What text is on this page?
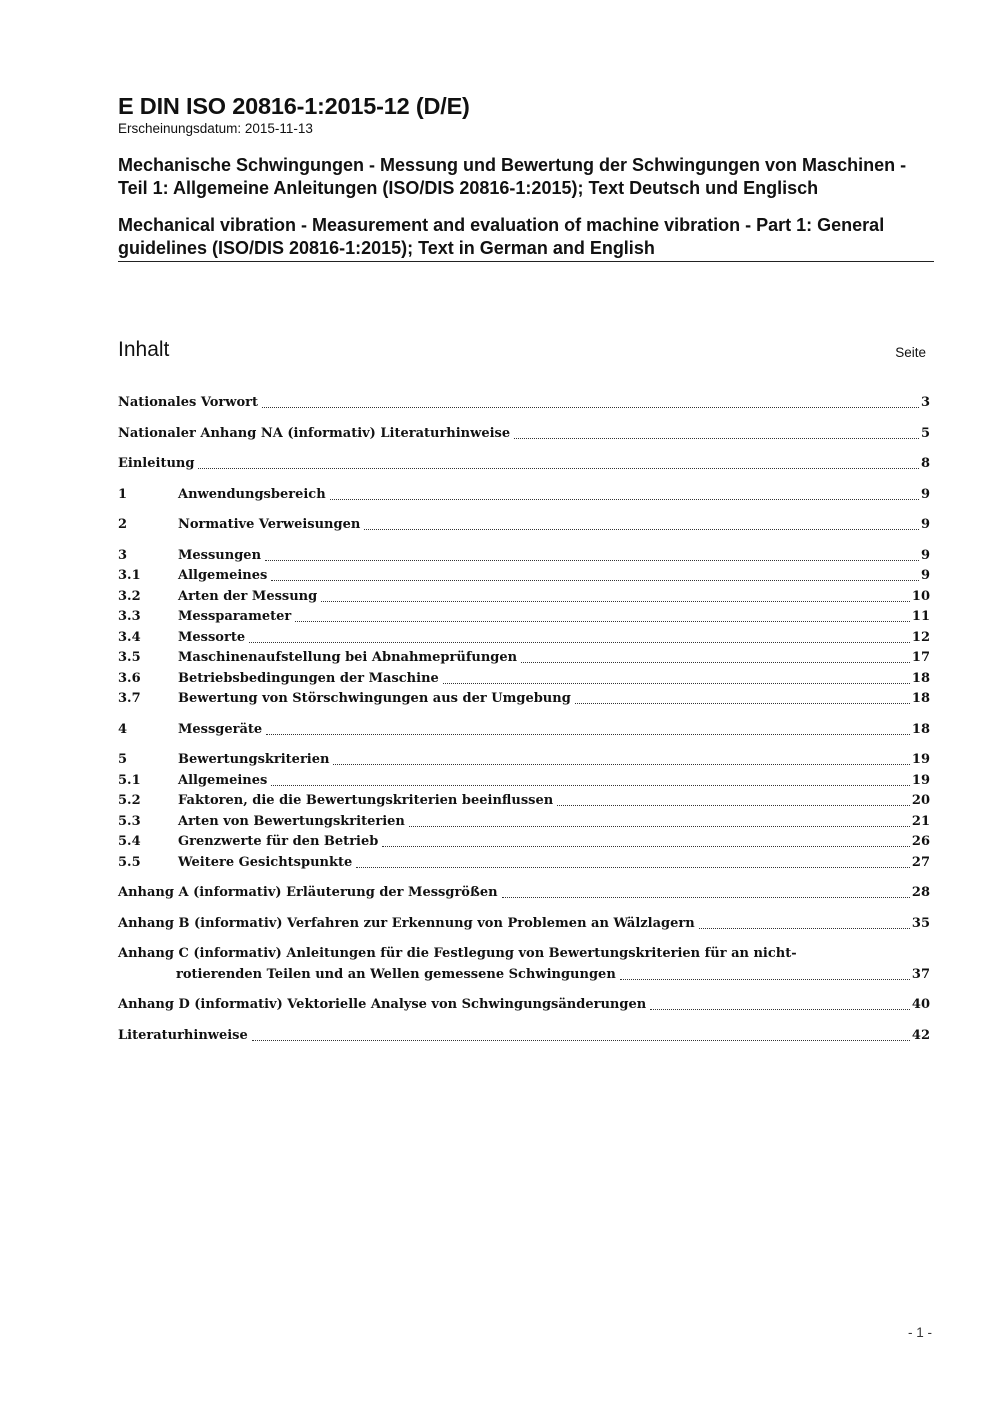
E DIN ISO 20816-1:2015-12 (D/E)

Erscheinungsdatum: 2015-11-13

Mechanische Schwingungen - Messung und Bewertung der Schwingungen von Maschinen - Teil 1: Allgemeine Anleitungen (ISO/DIS 20816-1:2015); Text Deutsch und Englisch

Mechanical vibration - Measurement and evaluation of machine vibration - Part 1: General guidelines (ISO/DIS 20816-1:2015); Text in German and English

Inhalt	Seite
Nationales Vorwort	3
Nationaler Anhang NA (informativ) Literaturhinweise	5
Einleitung	8
1	Anwendungsbereich	9
2	Normative Verweisungen	9
3	Messungen	9
3.1	Allgemeines	9
3.2	Arten der Messung	10
3.3	Messparameter	11
3.4	Messorte	12
3.5	Maschinenaufstellung bei Abnahmeprüfungen	17
3.6	Betriebsbedingungen der Maschine	18
3.7	Bewertung von Störschwingungen aus der Umgebung	18
4	Messgeräte	18
5	Bewertungskriterien	19
5.1	Allgemeines	19
5.2	Faktoren, die die Bewertungskriterien beeinflussen	20
5.3	Arten von Bewertungskriterien	21
5.4	Grenzwerte für den Betrieb	26
5.5	Weitere Gesichtspunkte	27
Anhang A (informativ) Erläuterung der Messgrößen	28
Anhang B (informativ) Verfahren zur Erkennung von Problemen an Wälzlagern	35
Anhang C (informativ) Anleitungen für die Festlegung von Bewertungskriterien für an nicht-
rotierenden Teilen und an Wellen gemessene Schwingungen	37
Anhang D (informativ) Vektorielle Analyse von Schwingungsänderungen	40
Literaturhinweise	42
- 1 -
